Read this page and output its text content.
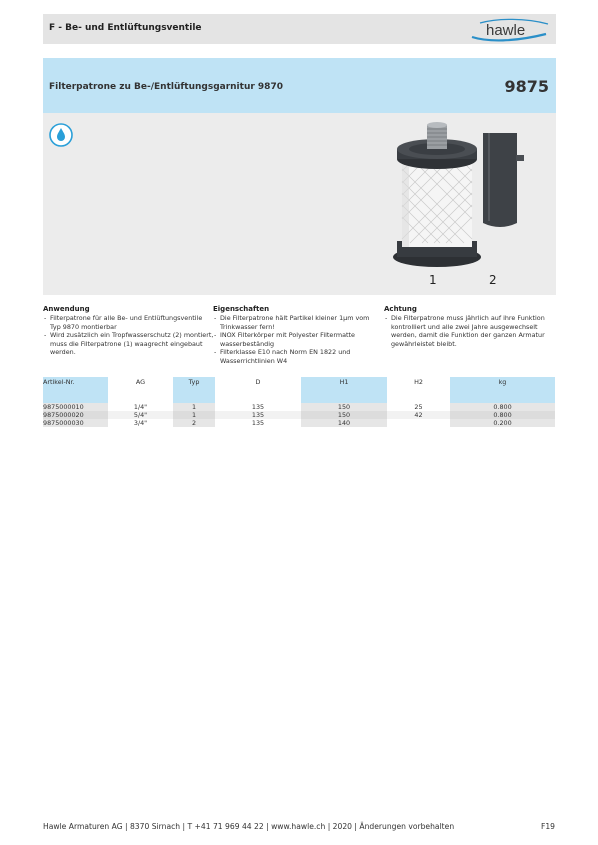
F - Be- und Entlüftungsventile	hawle
Filterpatrone zu Be-/Entlüftungsgarnitur 9870	9875
1	2
Anwendung
- Filterpatrone für alle Be- und Entlüftungsventile Typ 9870 montierbar
- Wird zusätzlich ein Tropfwasserschutz (2) montiert, muss die Filterpatrone (1) waagrecht eingebaut werden.
Eigenschaften
- Die Filterpatrone hält Partikel kleiner 1µm vom Trinkwasser fern!
- INOX Filterkörper mit Polyester Filtermatte wasserbeständig
- Filterklasse E10 nach Norm EN 1822 und Wasserrichtlinien W4
Achtung
- Die Filterpatrone muss jährlich auf ihre Funktion kontrolliert und alle zwei Jahre ausgewechselt werden, damit die Funktion der ganzen Armatur gewährleistet bleibt.
Artikel-Nr.	AG	Typ	D	H1	H2	kg
9875000010	1/4"	1	135	150	25	0.800
9875000020	5/4"	1	135	150	42	0.800
9875000030	3/4"	2	135	140		0.200
Hawle Armaturen AG | 8370 Sirnach | T +41 71 969 44 22 | www.hawle.ch | 2020 | Änderungen vorbehalten	F19
